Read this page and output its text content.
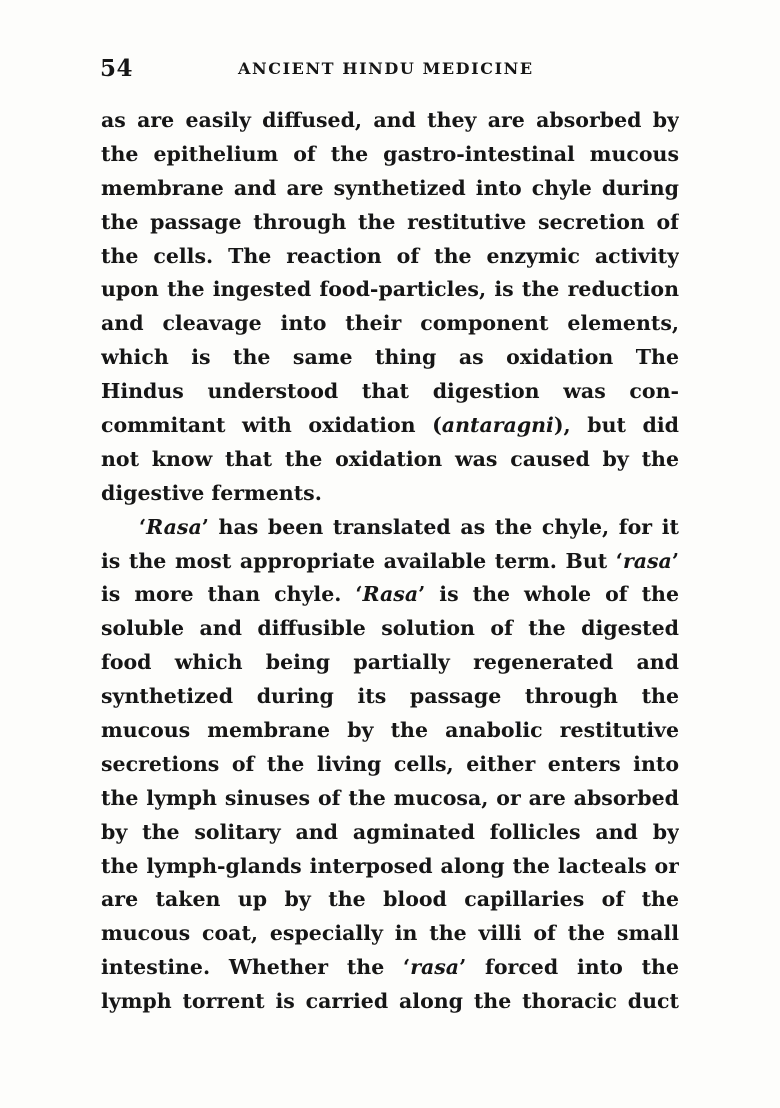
54	ANCIENT HINDU MEDICINE
as are easily diffused, and they are absorbed by
the epithelium of the gastro-intestinal mucous
membrane and are synthetized into chyle during
the passage through the restitutive secretion of
the cells. The reaction of the enzymic activity
upon the ingested food-particles, is the reduction
and cleavage into their component elements,
which is the same thing as oxidation The
Hindus understood that digestion was con-
commitant with oxidation (antaragni), but did
not know that the oxidation was caused by the
digestive ferments.
‘Rasa’ has been translated as the chyle, for it
is the most appropriate available term. But ‘rasa’
is more than chyle. ‘Rasa’ is the whole of the
soluble and diffusible solution of the digested
food which being partially regenerated and
synthetized during its passage through the
mucous membrane by the anabolic restitutive
secretions of the living cells, either enters into
the lymph sinuses of the mucosa, or are absorbed
by the solitary and agminated follicles and by
the lymph-glands interposed along the lacteals or
are taken up by the blood capillaries of the
mucous coat, especially in the villi of the small
intestine. Whether the ‘rasa’ forced into the
lymph torrent is carried along the thoracic duct
